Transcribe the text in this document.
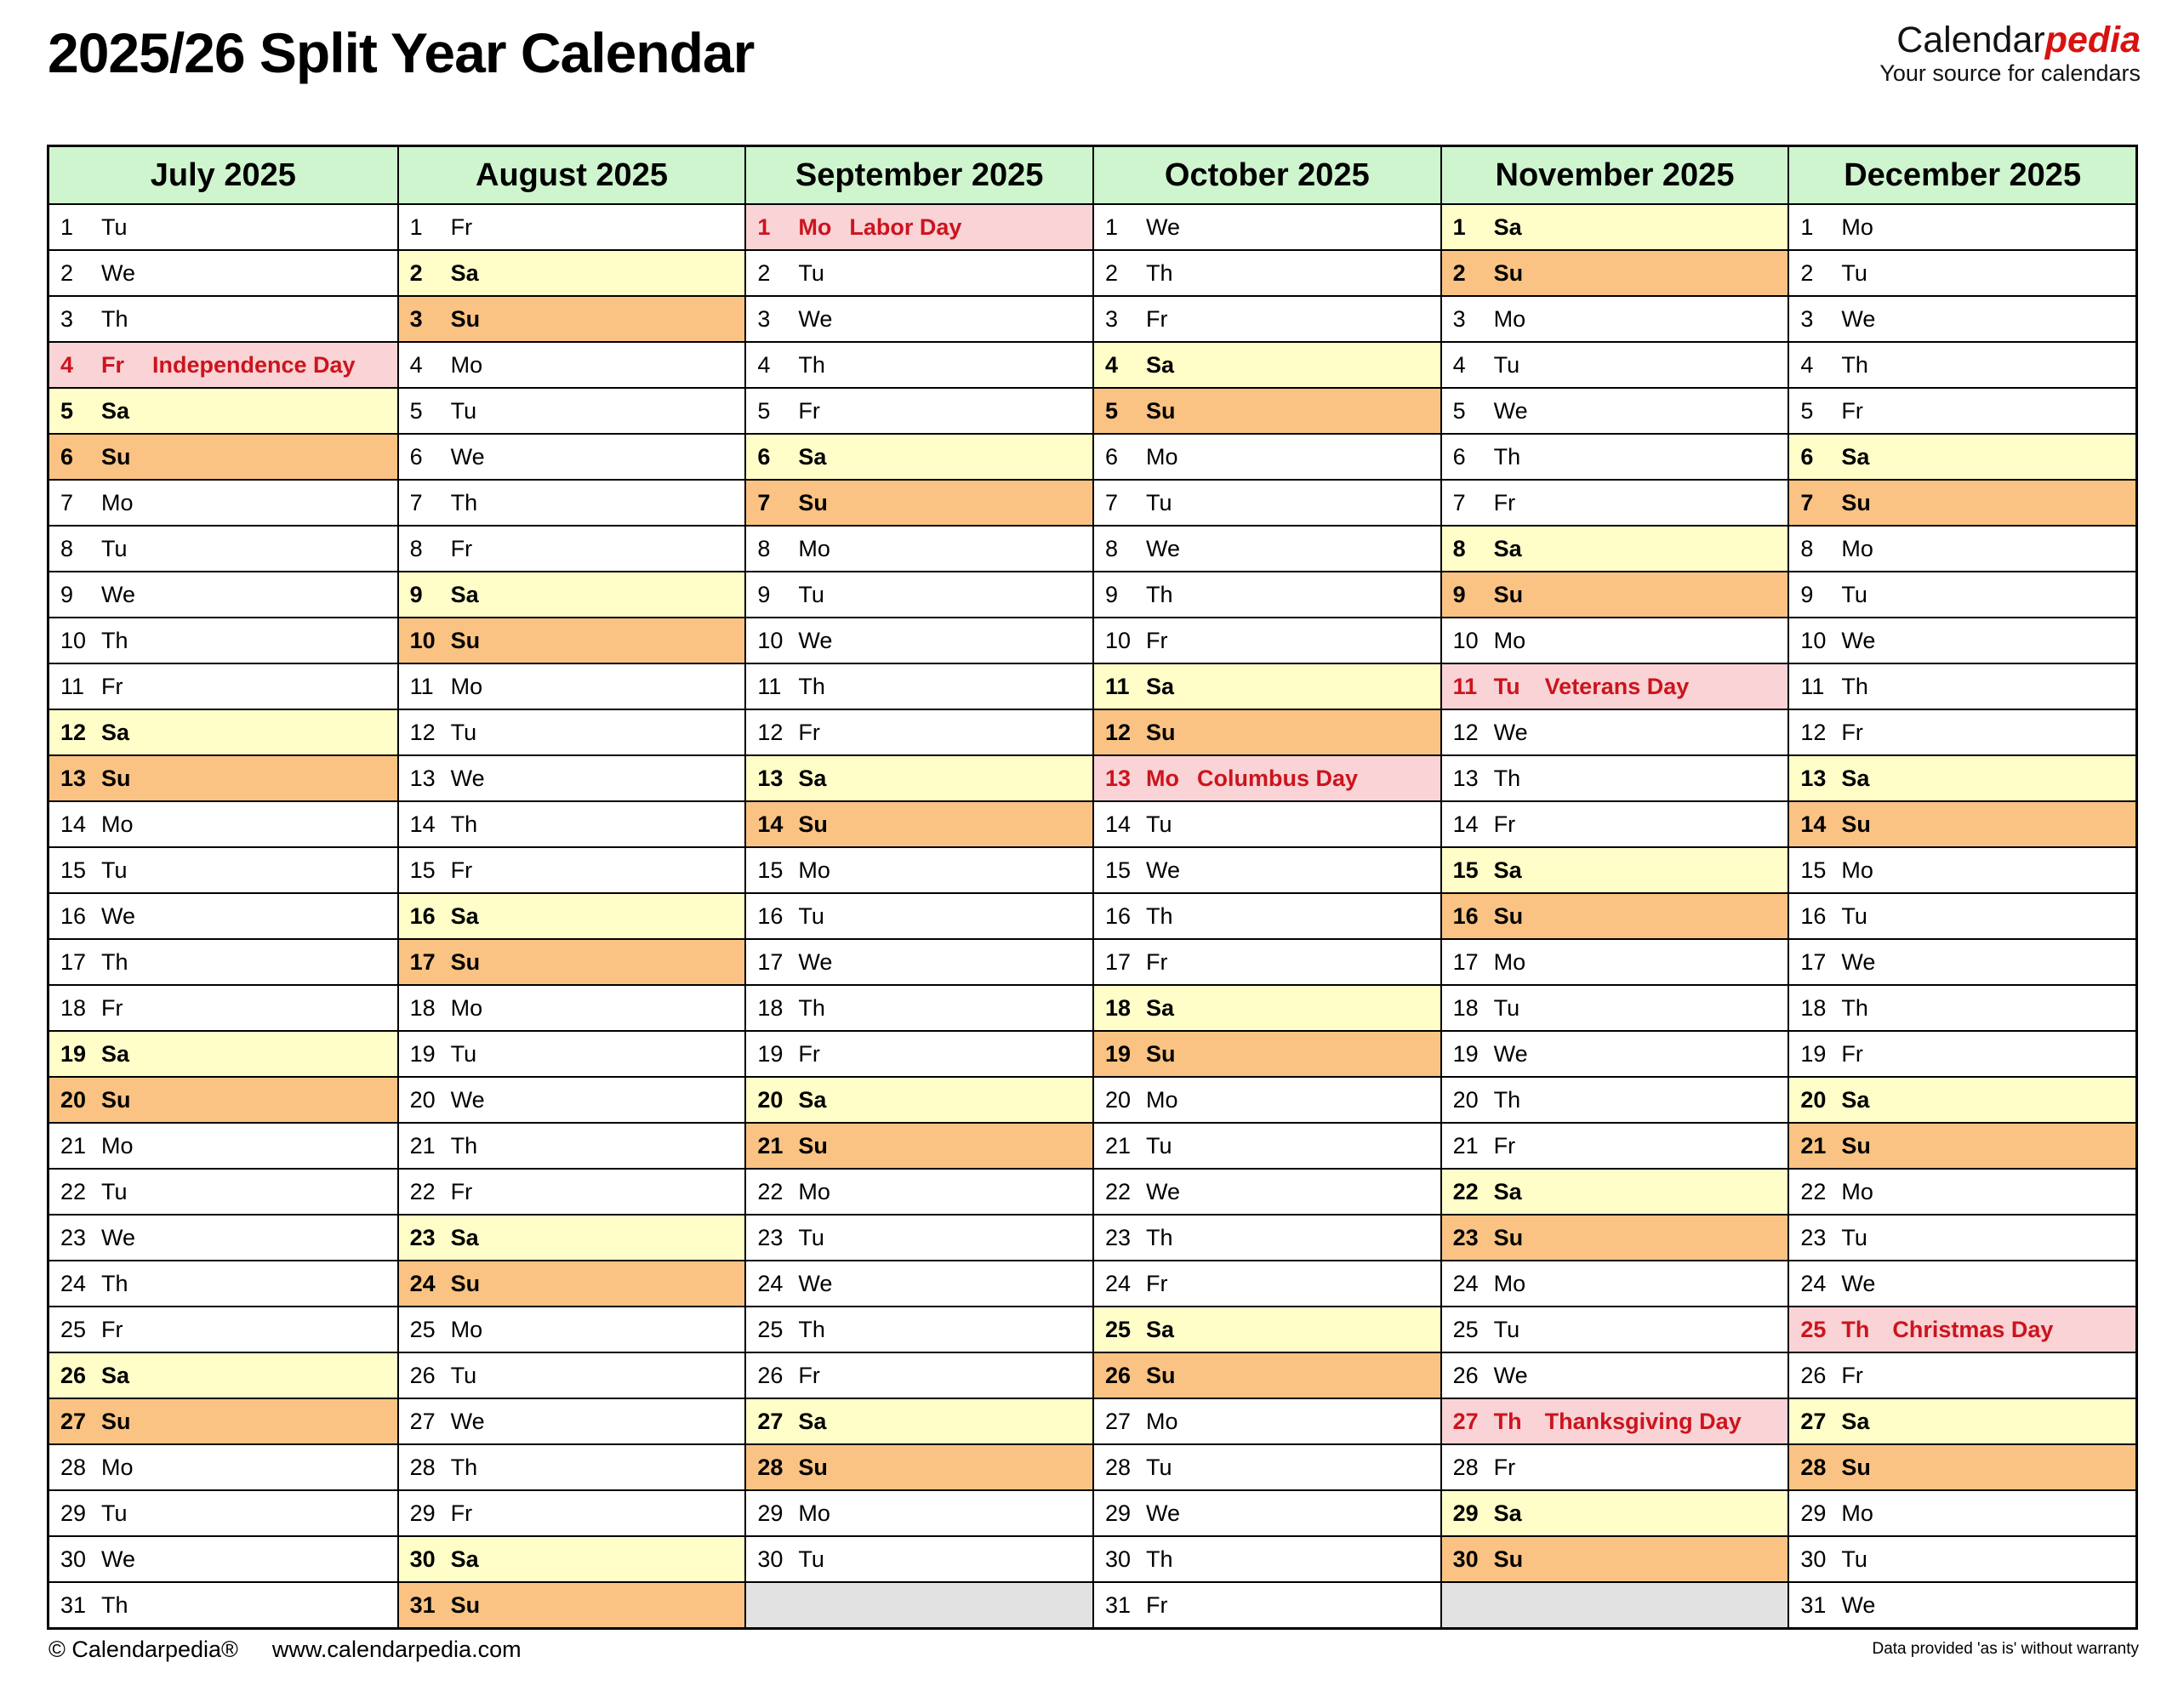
2025/26 Split Year Calendar	Calendarpedia
Your source for calendars
July 2025
1	Tu
2	We
3	Th
4	Fr	Independence Day
5	Sa
6	Su
7	Mo
8	Tu
9	We
10 Th
11 Fr
12 Sa
13 Su
14 Mo
15 Tu
16 We
17 Th
18 Fr
19 Sa
20 Su
21 Mo
22 Tu
23 We
24 Th
25 Fr
26 Sa
27 Su
28 Mo
29 Tu
30 We
31 Th
August 2025
1	Fr
2	Sa
3	Su
4	Mo
5	Tu
6	We
7	Th
8	Fr
9	Sa
10 Su
11 Mo
12 Tu
13 We
14 Th
15 Fr
16 Sa
17 Su
18 Mo
19 Tu
20 We
21 Th
22 Fr
23 Sa
24 Su
25 Mo
26 Tu
27 We
28 Th
29 Fr
30 Sa
31 Su
September 2025
1	Mo Labor Day
2	Tu
3	We
4	Th
5	Fr
6	Sa
7	Su
8	Mo
9	Tu
10 We
11 Th
12 Fr
13 Sa
14 Su
15 Mo
16 Tu
17 We
18 Th
19 Fr
20 Sa
21 Su
22 Mo
23 Tu
24 We
25 Th
26 Fr
27 Sa
28 Su
29 Mo
30 Tu
October 2025
1	We
2	Th
3	Fr
4	Sa
5	Su
6	Mo
7	Tu
8	We
9	Th
10 Fr
11 Sa
12 Su
13 Mo Columbus Day
14 Tu
15 We
16 Th
17 Fr
18 Sa
19 Su
20 Mo
21 Tu
22 We
23 Th
24 Fr
25 Sa
26 Su
27 Mo
28 Tu
29 We
30 Th
31 Fr
November 2025
1	Sa
2	Su
3	Mo
4	Tu
5	We
6	Th
7	Fr
8	Sa
9	Su
10 Mo
11 Tu	Veterans Day
12 We
13 Th
14 Fr
15 Sa
16 Su
17 Mo
18 Tu
19 We
20 Th
21 Fr
22 Sa
23 Su
24 Mo
25 Tu
26 We
27 Th	Thanksgiving Day
28 Fr
29 Sa
30 Su
December 2025
1	Mo
2	Tu
3	We
4	Th
5	Fr
6	Sa
7	Su
8	Mo
9	Tu
10 We
11 Th
12 Fr
13 Sa
14 Su
15 Mo
16 Tu
17 We
18 Th
19 Fr
20 Sa
21 Su
22 Mo
23 Tu
24 We
25 Th	Christmas Day
26 Fr
27 Sa
28 Su
29 Mo
30 Tu
31 We
© Calendarpedia® www.calendarpedia.com	Data provided 'as is' without warranty
